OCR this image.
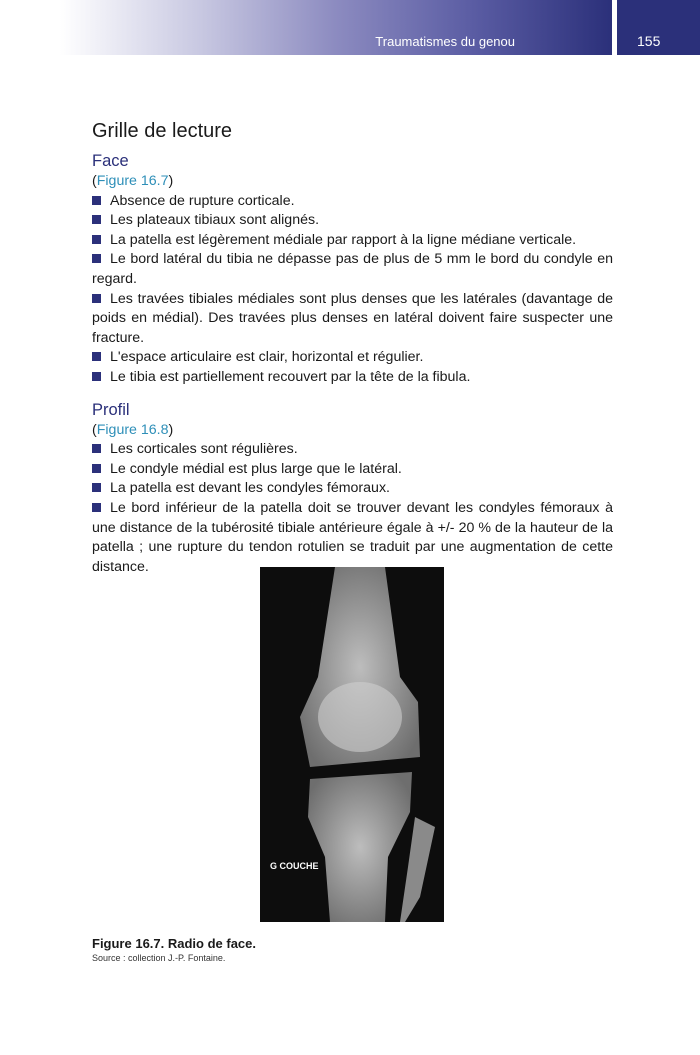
Traumatismes du genou	155
Grille de lecture
Face
(Figure 16.7)
Absence de rupture corticale.
Les plateaux tibiaux sont alignés.
La patella est légèrement médiale par rapport à la ligne médiane verticale.
Le bord latéral du tibia ne dépasse pas de plus de 5 mm le bord du condyle en regard.
Les travées tibiales médiales sont plus denses que les latérales (davantage de poids en médial). Des travées plus denses en latéral doivent faire suspecter une fracture.
L'espace articulaire est clair, horizontal et régulier.
Le tibia est partiellement recouvert par la tête de la fibula.
Profil
(Figure 16.8)
Les corticales sont régulières.
Le condyle médial est plus large que le latéral.
La patella est devant les condyles fémoraux.
Le bord inférieur de la patella doit se trouver devant les condyles fémoraux à une distance de la tubérosité tibiale antérieure égale à +/- 20 % de la hauteur de la patella ; une rupture du tendon rotulien se traduit par une augmentation de cette distance.
G COUCHE
Figure 16.7. Radio de face.
Source : collection J.-P. Fontaine.
